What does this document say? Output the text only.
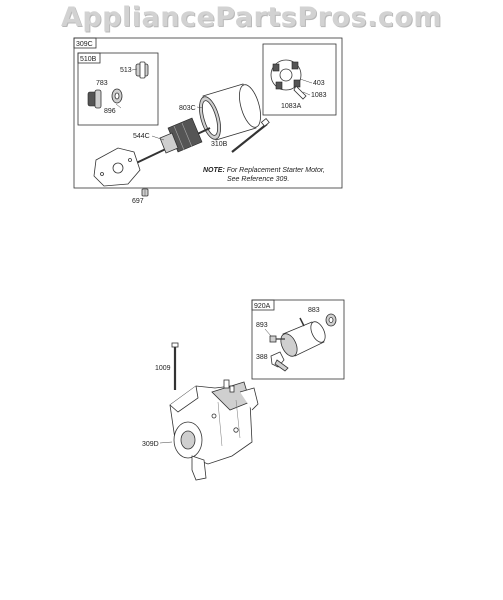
AppliancePartsPros.com
309C
510B
513
783
896	803C
544C
310B
403
1083
1083A
NOTE: For Replacement Starter Motor,
See Reference 309.
697
920A
883
893
388
1009
309D
